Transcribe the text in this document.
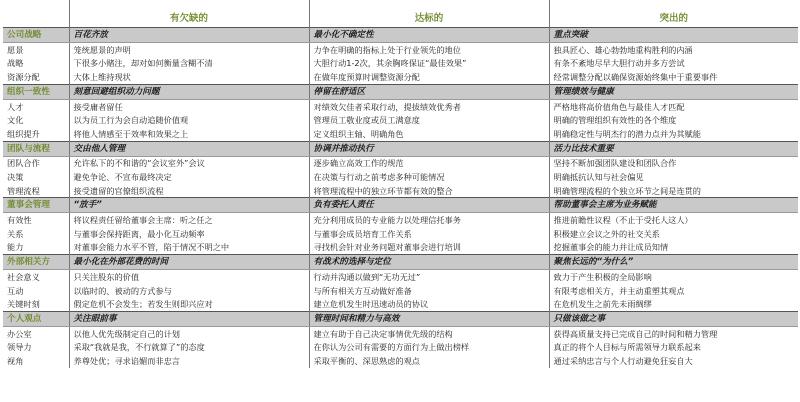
	有欠缺的	达标的	突出的
公司战略	百花齐放	最小化不确定性	重点突破
愿景	笼统愿景的声明	力争在明确的指标上处于行业领先的地位	独具匠心、雄心勃勃地重构胜利的内涵
战略	下很多小赌注，却对如何衡量含糊不清	大胆行动1-2次，其余胸咚保证“最佳效果”	有条不紊地尽早大胆行动并多方尝试
资源分配	大体上维持现状	在做年度预算时调整资源分配	经常调整分配以确保资源始终集中于重要事件
组织一致性	刻意回避组织动力问题	停留在舒适区	管理绩效与健康
人才	接受庸者留任	对绩效欠佳者采取行动，提拔绩效优秀者	严格地将高价值角色与最佳人才匹配
文化	以为员工行为会自动追随价值观	管理员工敬业度或员工满意度	明确的管理组织有效性的各个维度
组织提升	将他人情感至于效率和效果之上	定义组织主轴、明确角色	明确稳定性与明杰行的潜力点并为其赋能
团队与流程	交由他人管理	协调并推动执行	活力比技术重要
团队合作	允许私下的不和谐的“会议室外”会议	逐步确立高效工作的规范	坚持不断加强团队建设和团队合作
决策	避免争论、不宣布最终决定	在决策与行动之前考虑多种可能情况	明确抵抗认知与社会偏见
管理流程	接受遗留的官僚组织流程	将管理流程中的独立环节都有效的整合	明确管理流程的个独立环节之间是连贯的
董事会管理	“放手”	负有委托人责任	帮助董事会主席为业务赋能
有效性	将议程责任留给董事会主席：听之任之	充分利用成员的专业能力以处理信托事务	推进前瞻性议程（不止于受托人这人）
关系	与董事会保持距离，最小化互动频率	与董事会成员培育工作关系	积极建立会议之外的社交关系
能力	对董事会能力水平不管，陷于情况不明之中	寻找机会针对业务问题对董事会进行培训	挖掘董事会的能力并让成员知情
外部相关方	最小化在外部花费的时间	有战术的选择与定位	聚焦长远的“为什么”
社会意义	只关注股东的价值	行动并沟通以做到“无功无过”	致力于产生积极的全局影响
互动	以临时的、被动的方式参与	与所有相关方互动做好准备	有限考虑相关方，并主动重塑其观点
关键时刻	假定危机不会发生；若发生则即兴应对	建立危机发生时迅速动员的协议	在危机发生之前先未雨绸缪
个人观点	关注眼前事	管理时间和精力与高效	只做该做之事
办公室	以他人优先级制定自己的计划	建立有助于自己决定事情优先级的结构	获得高质量支持已完成自己的时间和精力管理
领导力	采取“我就是我，不行就算了”的态度	在你认为公司有需要的方面行为上做出榜样	真正的将个人目标与所需领导力联系起来
视角	养尊处优；寻求谄媚而非忠言	采取平衡的、深思熟虑的观点	通过采纳忠言与个人行动避免狂妄自大
